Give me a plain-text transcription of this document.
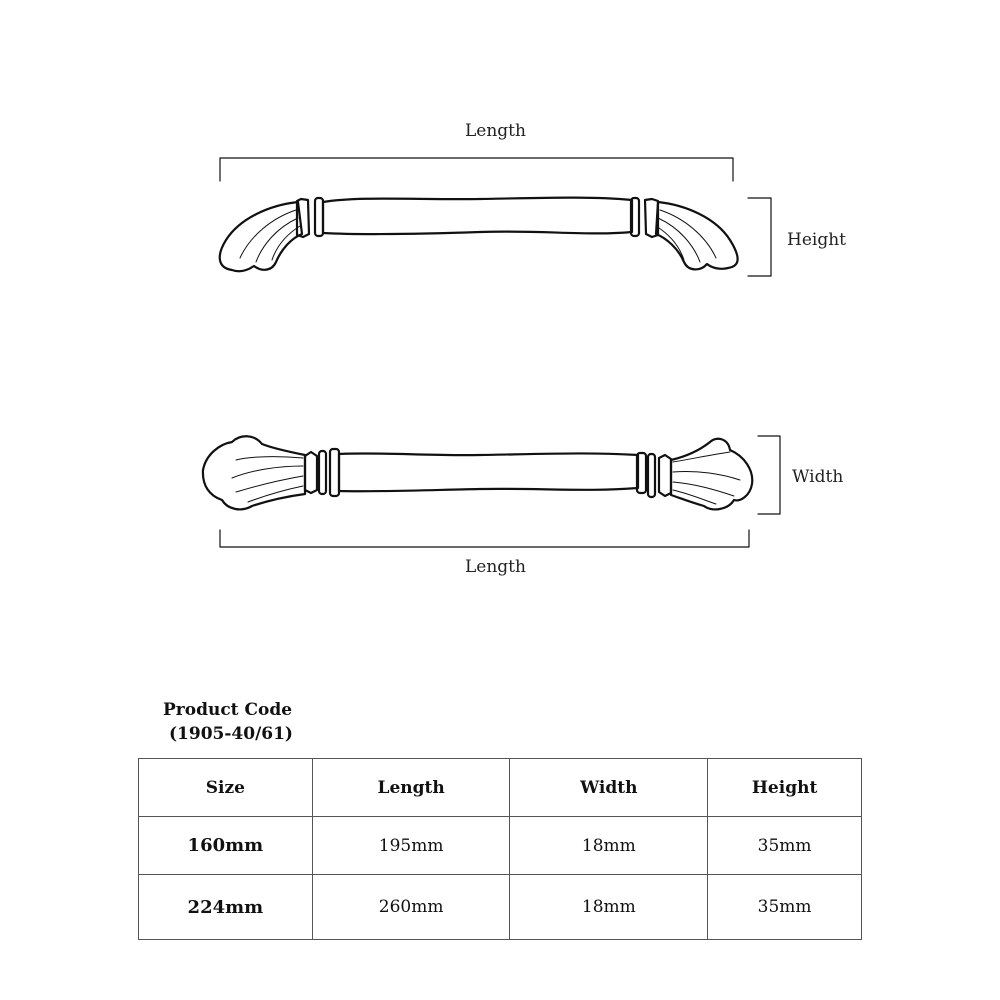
Length
Height
Width
Length
Product Code
(1905-40/61)
Size	Length	Width	Height
160mm	195mm	18mm	35mm
224mm	260mm	18mm	35mm
